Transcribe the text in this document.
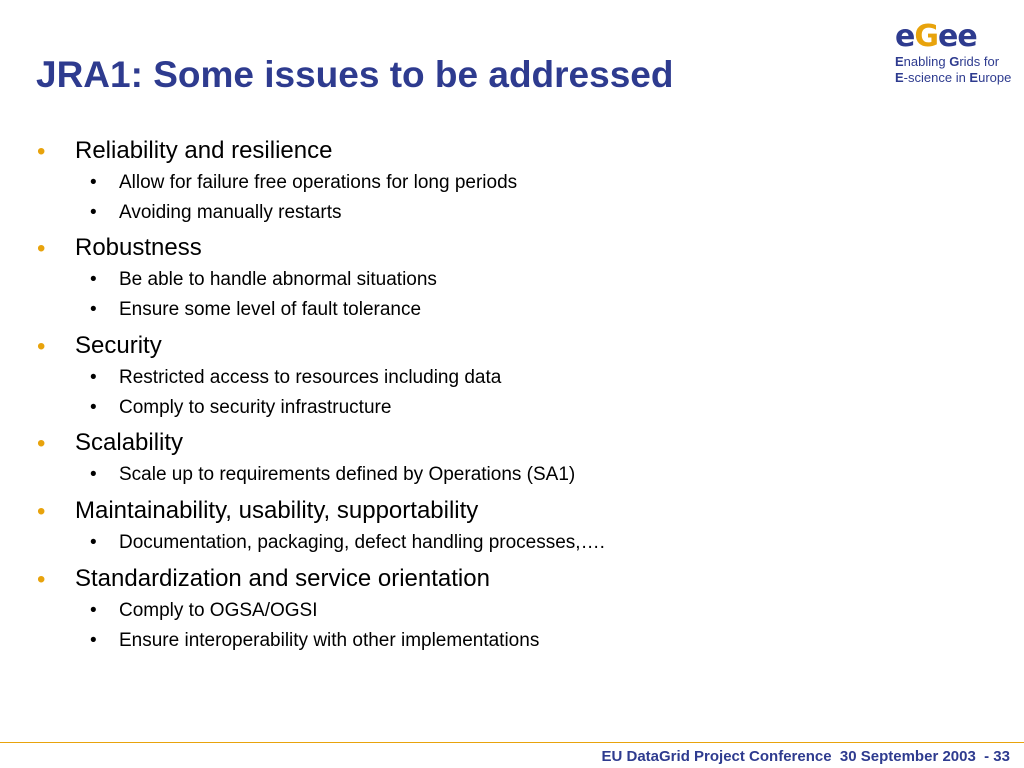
JRA1: Some issues to be addressed
eGee
Enabling Grids for
E-science in Europe
• Reliability and resilience
• Allow for failure free operations for long periods
• Avoiding manually restarts
• Robustness
• Be able to handle abnormal situations
• Ensure some level of fault tolerance
• Security
• Restricted access to resources including data
• Comply to security infrastructure
• Scalability
• Scale up to requirements defined by Operations (SA1)
• Maintainability, usability, supportability
• Documentation, packaging, defect handling processes,….
• Standardization and service orientation
• Comply to OGSA/OGSI
• Ensure interoperability with other implementations
EU DataGrid Project Conference  30 September 2003  - 33
